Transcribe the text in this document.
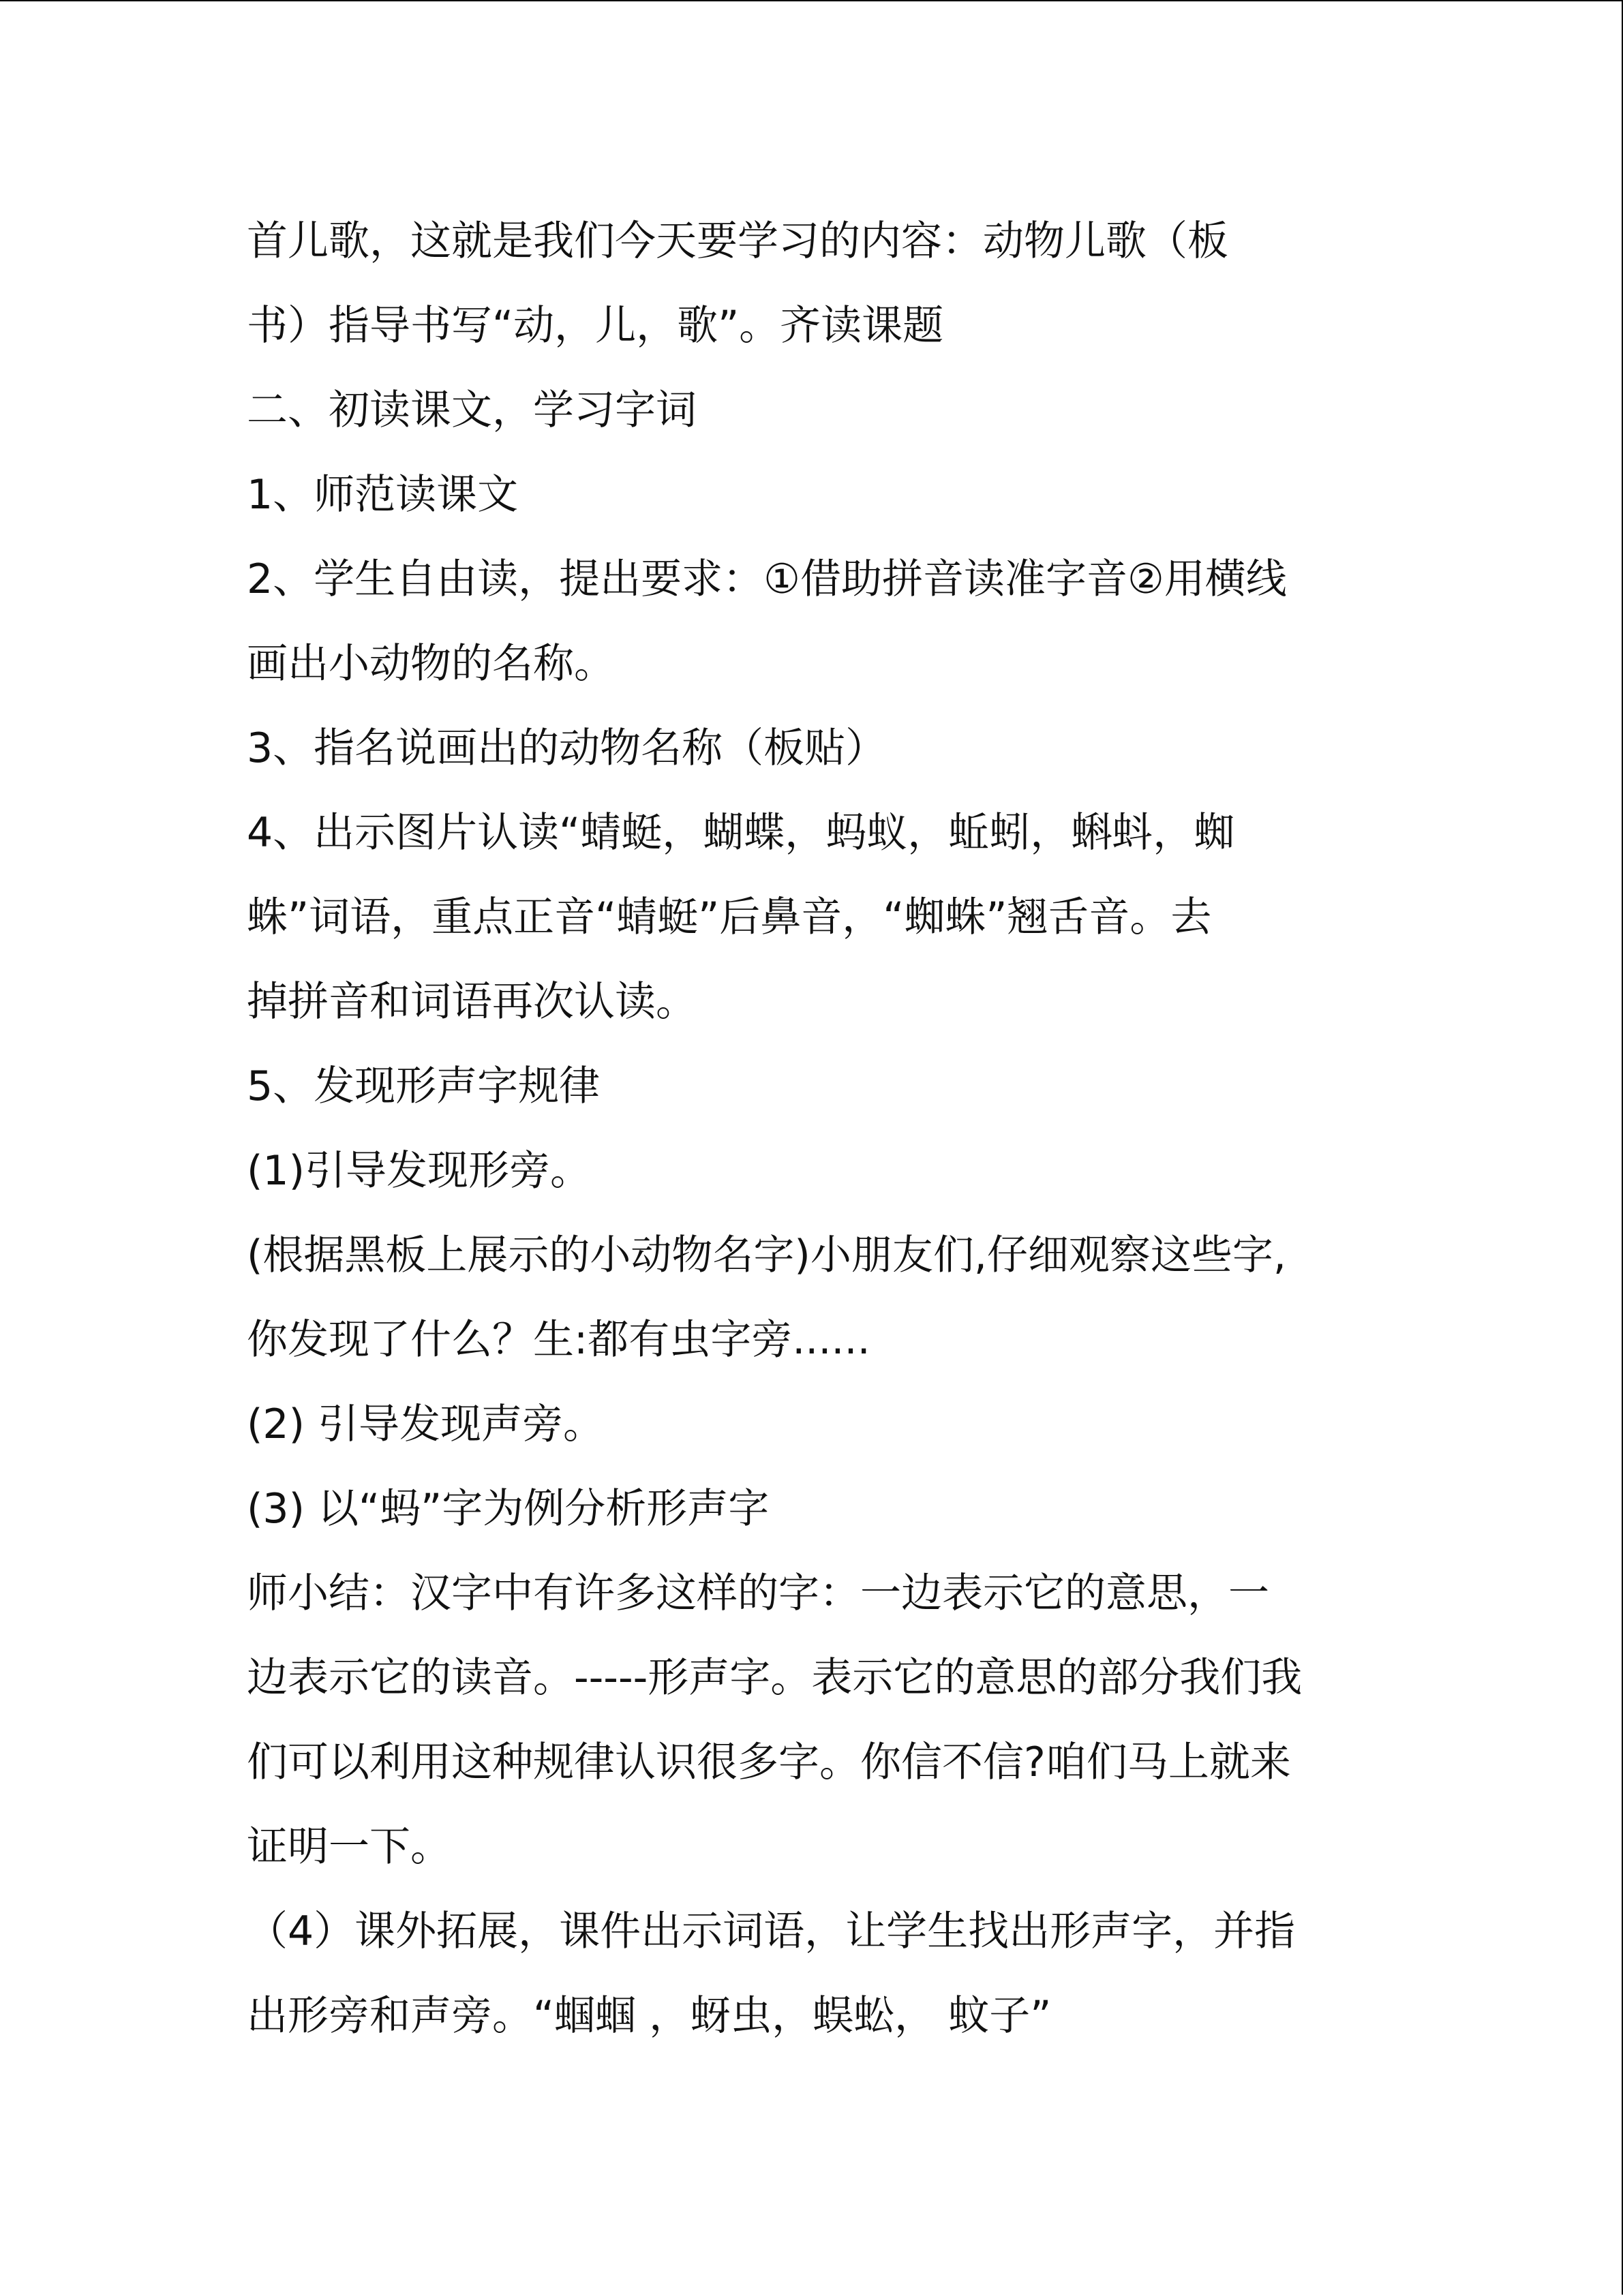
首儿歌，这就是我们今天要学习的内容：动物儿歌（板

书）指导书写“动，儿，歌”。齐读课题

二、初读课文，学习字词

1、师范读课文

2、学生自由读，提出要求：①借助拼音读准字音②用横线

画出小动物的名称。

3、指名说画出的动物名称（板贴）

4、出示图片认读“蜻蜓，蝴蝶，蚂蚁，蚯蚓，蝌蚪，蜘

蛛”词语，重点正音“蜻蜓”后鼻音，“蜘蛛”翘舌音。去

掉拼音和词语再次认读。

5、发现形声字规律

(1)引导发现形旁。

(根据黑板上展示的小动物名字)小朋友们,仔细观察这些字,

你发现了什么？生:都有虫字旁......

(2) 引导发现声旁。

(3) 以“蚂”字为例分析形声字

师小结：汉字中有许多这样的字：一边表示它的意思，一

边表示它的读音。-----形声字。表示它的意思的部分我们我

们可以利用这种规律认识很多字。你信不信?咱们马上就来

证明一下。

（4）课外拓展，课件出示词语，让学生找出形声字，并指

出形旁和声旁。“蝈蝈 ，蚜虫，蜈蚣， 蚊子”
